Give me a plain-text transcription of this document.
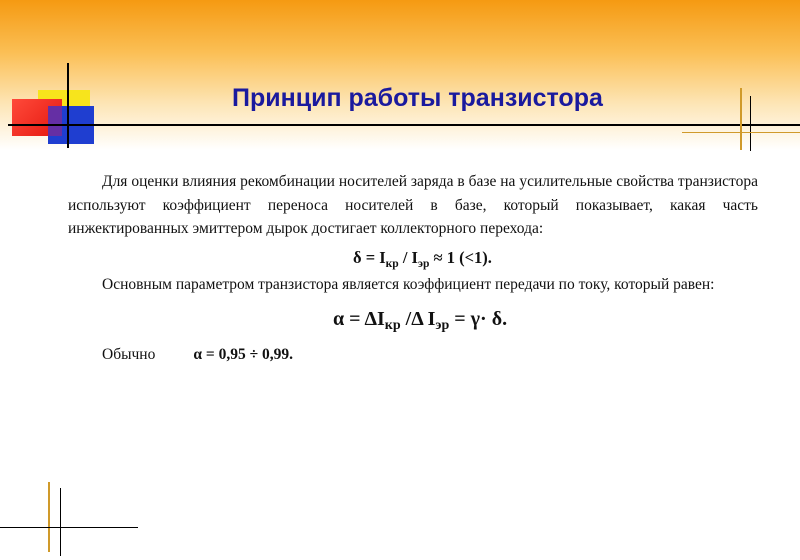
Принцип работы транзистора

Для оценки влияния рекомбинации носителей заряда в базе на усилительные свойства транзистора используют коэффициент переноса носителей в базе, который показывает, какая часть инжектированных эмиттером дырок достигает коллекторного перехода:

$\delta = I_{кр} / I_{эр} \approx 1$ (<1).

Основным параметром транзистора является коэффициент передачи по току, который равен:

$\alpha = \Delta I_{кр}$ /Δ $I_{эр} = \gamma\cdot \delta$.

Обычно α = 0,95 ÷ 0,99.
